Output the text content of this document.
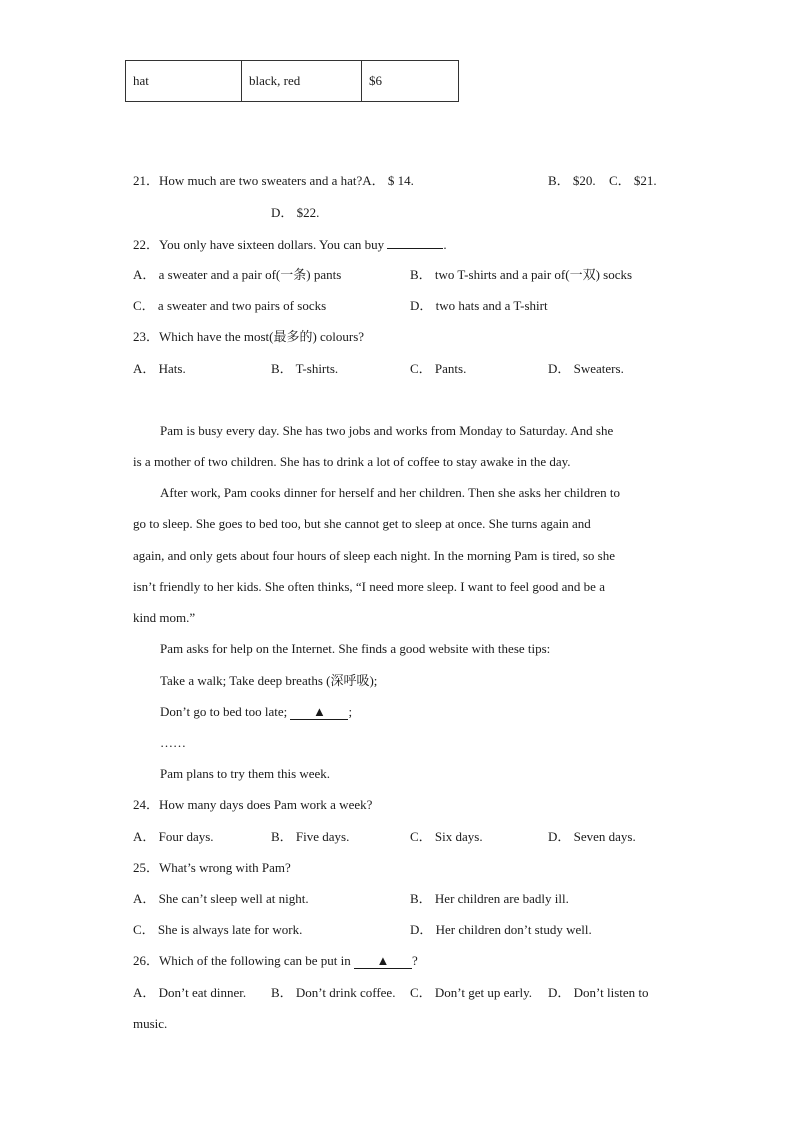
hat	black, red	$6
21．How much are two sweaters and a hat?A． $ 14.	B． $20. C． $21.
D． $22.
22．You only have sixteen dollars. You can buy	.
A． a sweater and a pair of(一条) pants	B． two T-shirts and a pair of(一双) socks
C． a sweater and two pairs of socks	D． two hats and a T-shirt
23．Which have the most(最多的) colours?
A． Hats.	B． T-shirts.	C． Pants.	D． Sweaters.
Pam is busy every day. She has two jobs and works from Monday to Saturday. And she
is a mother of two children. She has to drink a lot of coffee to stay awake in the day.
After work, Pam cooks dinner for herself and her children. Then she asks her children to
go to sleep. She goes to bed too, but she cannot get to sleep at once. She turns again and
again, and only gets about four hours of sleep each night. In the morning Pam is tired, so she
isn’t friendly to her kids. She often thinks, “I need more sleep. I want to feel good and be a
kind mom.”
Pam asks for help on the Internet. She finds a good website with these tips:
Take a walk; Take deep breaths (深呼吸);
Don’t go to bed too late; ▲ ;
……
Pam plans to try them this week.
24．How many days does Pam work a week?
A． Four days.	B． Five days.	C． Six days.	D． Seven days.
25．What’s wrong with Pam?
A． She can’t sleep well at night.	B． Her children are badly ill.
C． She is always late for work.	D． Her children don’t study well.
26．Which of the following can be put in ▲ ?
A． Don’t eat dinner. B． Don’t drink coffee. C． Don’t get up early. D． Don’t listen to
music.
